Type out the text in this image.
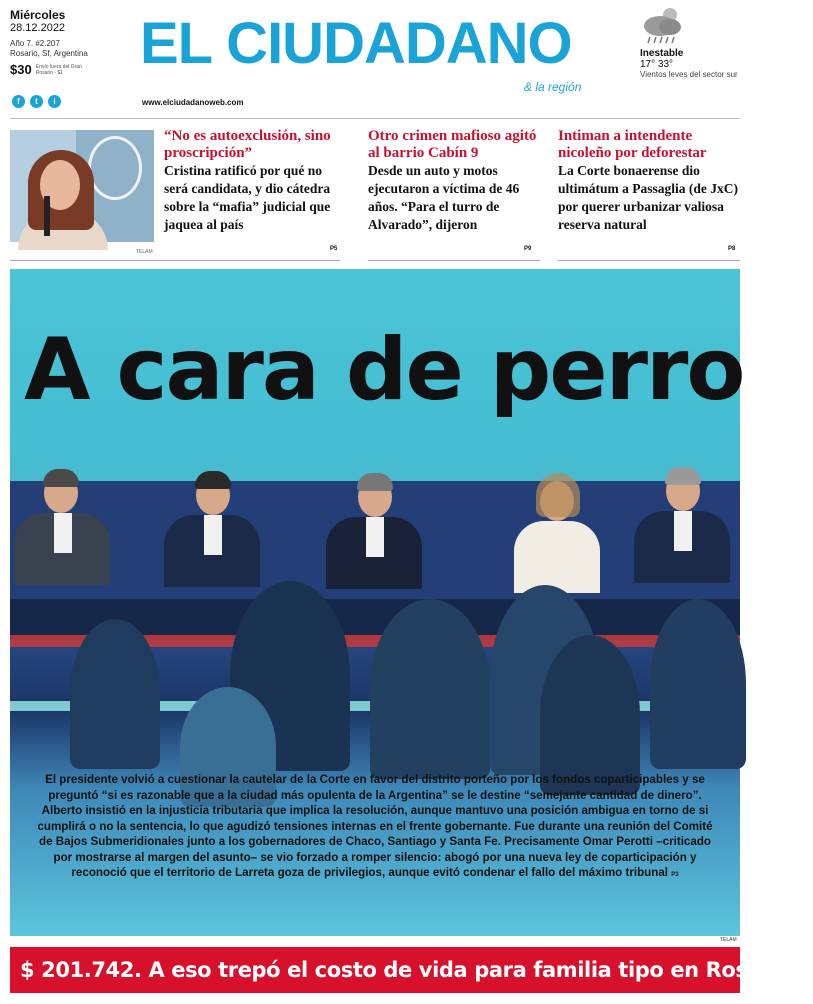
Miércoles
28.12.2022
Año 7. #2.207
Rosario, Sf, Argentina
$30 Envío fuera del Gran Rosario - $1
f	t	i	www.elciudadanoweb.com
EL CIUDADANO
& la región
Inestable
17° 33°
Vientos leves del sector sur
TELAM
“No es autoexclusión, sino proscripción”
Cristina ratificó por qué no será candidata, y dio cátedra sobre la “mafia” judicial que jaquea al país
P5
Otro crimen mafioso agitó al barrio Cabín 9
Desde un auto y motos ejecutaron a víctima de 46 años. “Para el turro de Alvarado”, dijeron
P9
Intiman a intendente nicoleño por deforestar
La Corte bonaerense dio ultimátum a Passaglia (de JxC) por querer urbanizar valiosa reserva natural
P8
A cara de perro
El presidente volvió a cuestionar la cautelar de la Corte en favor del distrito porteño por los fondos coparticipables y se preguntó “si es razonable que a la ciudad más opulenta de la Argentina” se le destine “semejante cantidad de dinero”. Alberto insistió en la injusticia tributaria que implica la resolución, aunque mantuvo una posición ambigua en torno de si cumplirá o no la sentencia, lo que agudizó tensiones internas en el frente gobernante. Fue durante una reunión del Comité de Bajos Submeridionales junto a los gobernadores de Chaco, Santiago y Santa Fe. Precisamente Omar Perotti –criticado por mostrarse al margen del asunto– se vio forzado a romper silencio: abogó por una nueva ley de coparticipación y reconoció que el territorio de Larreta goza de privilegios, aunque evitó condenar el fallo del máximo tribunal P3
TELAM
$ 201.742. A eso trepó el costo de vida para familia tipo en Rosario P7
